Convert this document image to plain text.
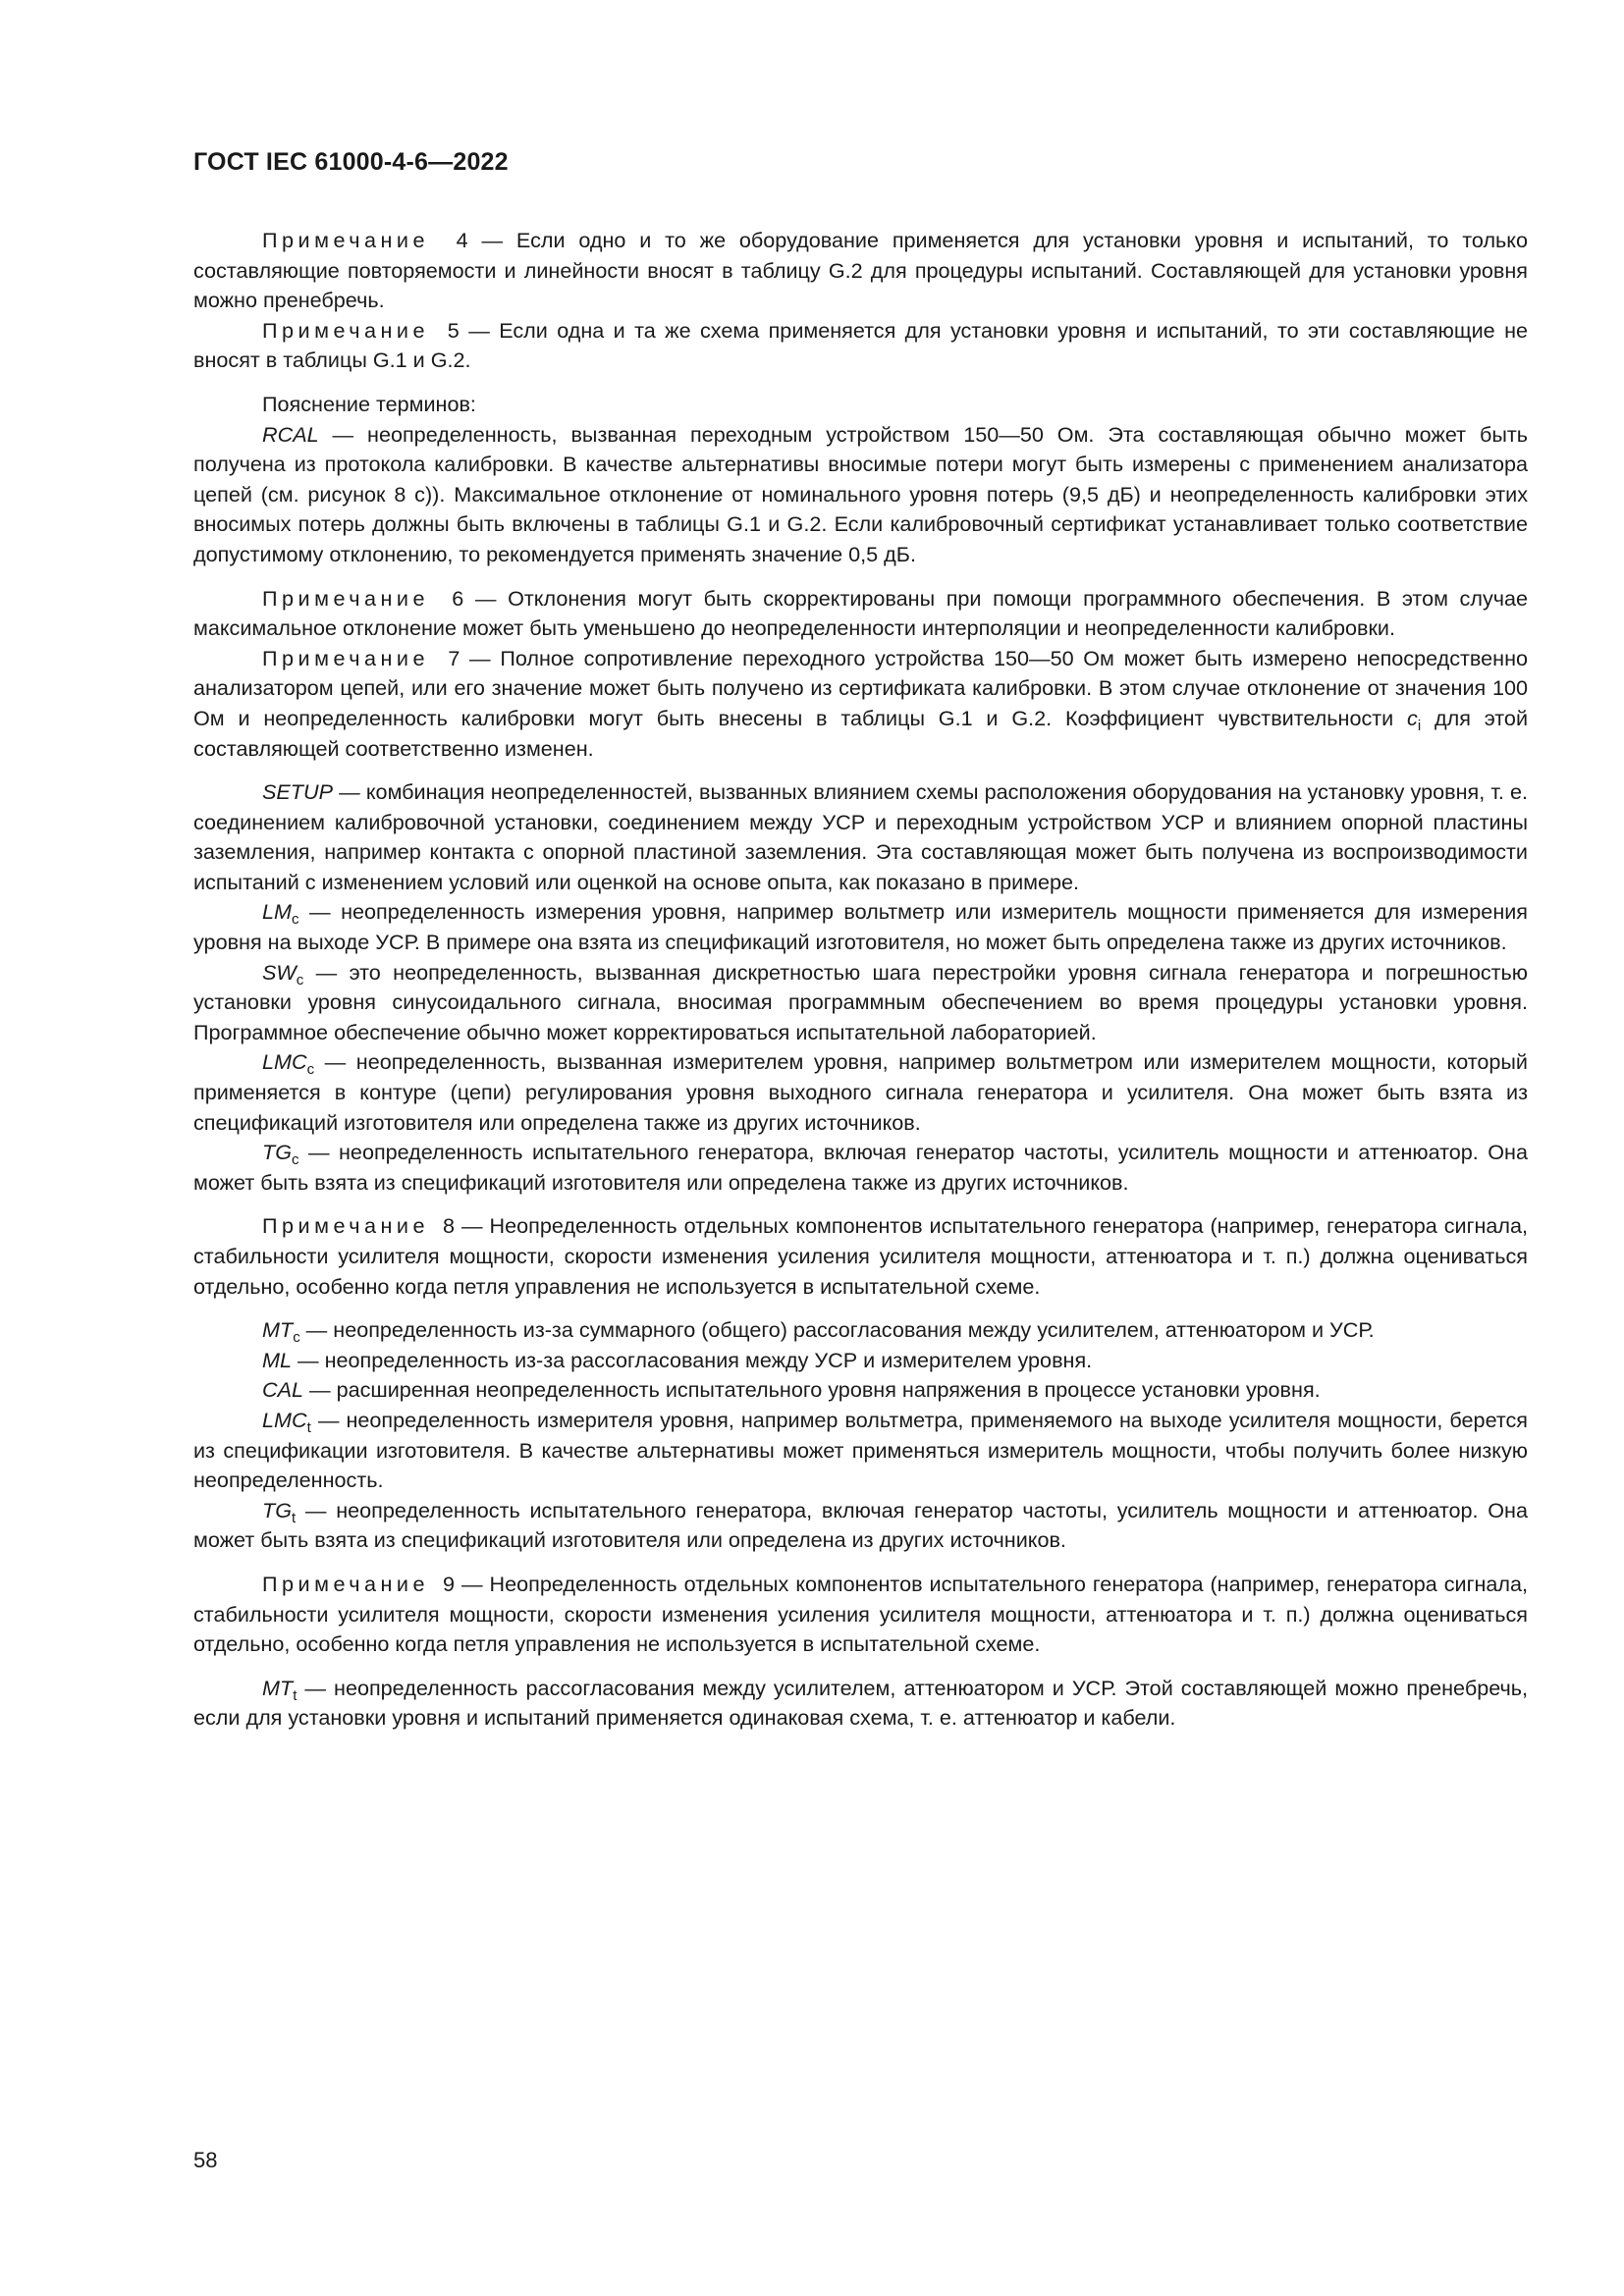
ГОСТ IEC 61000-4-6—2022

Примечание 4 — Если одно и то же оборудование применяется для установки уровня и испытаний, то только составляющие повторяемости и линейности вносят в таблицу G.2 для процедуры испытаний. Составляющей для установки уровня можно пренебречь.

Примечание 5 — Если одна и та же схема применяется для установки уровня и испытаний, то эти составляющие не вносят в таблицы G.1 и G.2.

Пояснение терминов:

RCAL — неопределенность, вызванная переходным устройством 150—50 Ом. Эта составляющая обычно может быть получена из протокола калибровки. В качестве альтернативы вносимые потери могут быть измерены с применением анализатора цепей (см. рисунок 8 с)). Максимальное отклонение от номинального уровня потерь (9,5 дБ) и неопределенность калибровки этих вносимых потерь должны быть включены в таблицы G.1 и G.2. Если калибровочный сертификат устанавливает только соответствие допустимому отклонению, то рекомендуется применять значение 0,5 дБ.

Примечание 6 — Отклонения могут быть скорректированы при помощи программного обеспечения. В этом случае максимальное отклонение может быть уменьшено до неопределенности интерполяции и неопределенности калибровки.

Примечание 7 — Полное сопротивление переходного устройства 150—50 Ом может быть измерено непосредственно анализатором цепей, или его значение может быть получено из сертификата калибровки. В этом случае отклонение от значения 100 Ом и неопределенность калибровки могут быть внесены в таблицы G.1 и G.2. Коэффициент чувствительности $c_i$ для этой составляющей соответственно изменен.

SETUP — комбинация неопределенностей, вызванных влиянием схемы расположения оборудования на установку уровня, т. е. соединением калибровочной установки, соединением между УСР и переходным устройством УСР и влиянием опорной пластины заземления, например контакта с опорной пластиной заземления. Эта составляющая может быть получена из воспроизводимости испытаний с изменением условий или оценкой на основе опыта, как показано в примере.

$LM_c$ — неопределенность измерения уровня, например вольтметр или измеритель мощности применяется для измерения уровня на выходе УСР. В примере она взята из спецификаций изготовителя, но может быть определена также из других источников.

$SW_c$ — это неопределенность, вызванная дискретностью шага перестройки уровня сигнала генератора и погрешностью установки уровня синусоидального сигнала, вносимая программным обеспечением во время процедуры установки уровня. Программное обеспечение обычно может корректироваться испытательной лабораторией.

$LMC_c$ — неопределенность, вызванная измерителем уровня, например вольтметром или измерителем мощности, который применяется в контуре (цепи) регулирования уровня выходного сигнала генератора и усилителя. Она может быть взята из спецификаций изготовителя или определена также из других источников.

$TG_c$ — неопределенность испытательного генератора, включая генератор частоты, усилитель мощности и аттенюатор. Она может быть взята из спецификаций изготовителя или определена также из других источников.

Примечание 8 — Неопределенность отдельных компонентов испытательного генератора (например, генератора сигнала, стабильности усилителя мощности, скорости изменения усиления усилителя мощности, аттенюатора и т. п.) должна оцениваться отдельно, особенно когда петля управления не используется в испытательной схеме.

$MT_c$ — неопределенность из-за суммарного (общего) рассогласования между усилителем, аттенюатором и УСР.

ML — неопределенность из-за рассогласования между УСР и измерителем уровня.

CAL — расширенная неопределенность испытательного уровня напряжения в процессе установки уровня.

$LMC_t$ — неопределенность измерителя уровня, например вольтметра, применяемого на выходе усилителя мощности, берется из спецификации изготовителя. В качестве альтернативы может применяться измеритель мощности, чтобы получить более низкую неопределенность.

$TG_t$ — неопределенность испытательного генератора, включая генератор частоты, усилитель мощности и аттенюатор. Она может быть взята из спецификаций изготовителя или определена из других источников.

Примечание 9 — Неопределенность отдельных компонентов испытательного генератора (например, генератора сигнала, стабильности усилителя мощности, скорости изменения усиления усилителя мощности, аттенюатора и т. п.) должна оцениваться отдельно, особенно когда петля управления не используется в испытательной схеме.

$MT_t$ — неопределенность рассогласования между усилителем, аттенюатором и УСР. Этой составляющей можно пренебречь, если для установки уровня и испытаний применяется одинаковая схема, т. е. аттенюатор и кабели.

58
